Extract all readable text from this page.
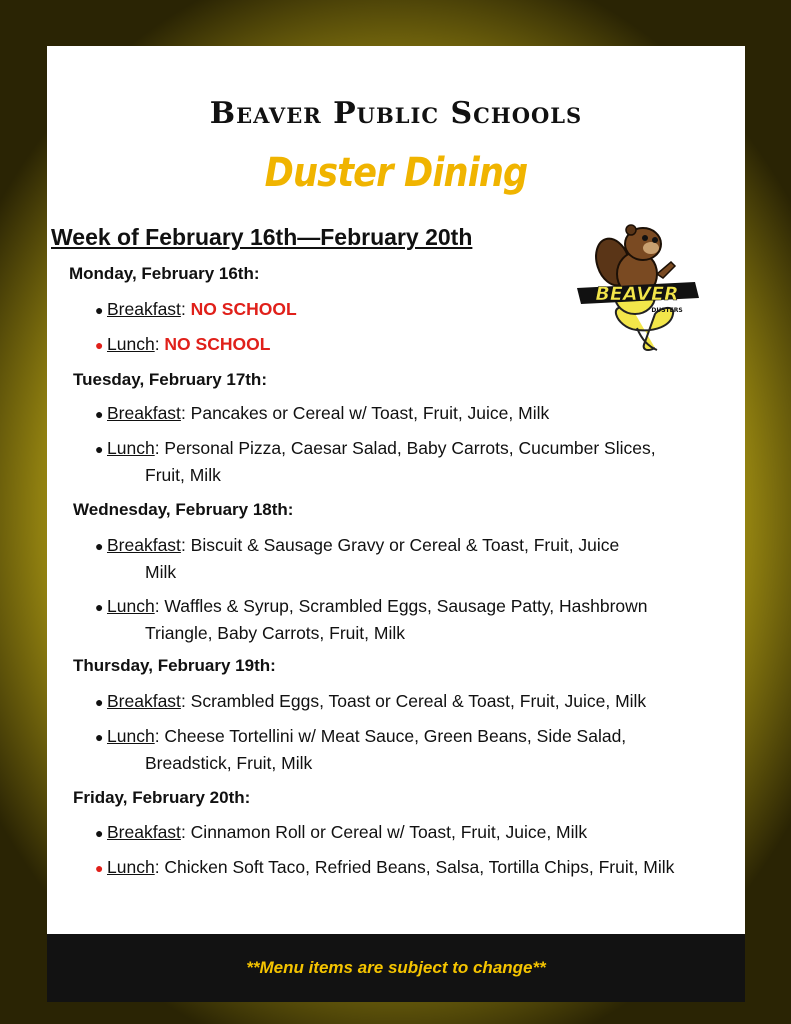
Beaver Public Schools
Duster Dining
Week of February 16th—February 20th
BEAVER
DUSTERS
Monday, February 16th:
● Breakfast: NO SCHOOL
● Lunch: NO SCHOOL
Tuesday, February 17th:
● Breakfast: Pancakes or Cereal w/ Toast, Fruit, Juice, Milk
● Lunch: Personal Pizza, Caesar Salad, Baby Carrots, Cucumber Slices,
Fruit, Milk
Wednesday, February 18th:
● Breakfast: Biscuit & Sausage Gravy or Cereal & Toast, Fruit, Juice
Milk
● Lunch: Waffles & Syrup, Scrambled Eggs, Sausage Patty, Hashbrown
Triangle, Baby Carrots, Fruit, Milk
Thursday, February 19th:
● Breakfast: Scrambled Eggs, Toast or Cereal & Toast, Fruit, Juice, Milk
● Lunch: Cheese Tortellini w/ Meat Sauce, Green Beans, Side Salad,
Breadstick, Fruit, Milk
Friday, February 20th:
● Breakfast: Cinnamon Roll or Cereal w/ Toast, Fruit, Juice, Milk
● Lunch: Chicken Soft Taco, Refried Beans, Salsa, Tortilla Chips, Fruit, Milk
**Menu items are subject to change**
